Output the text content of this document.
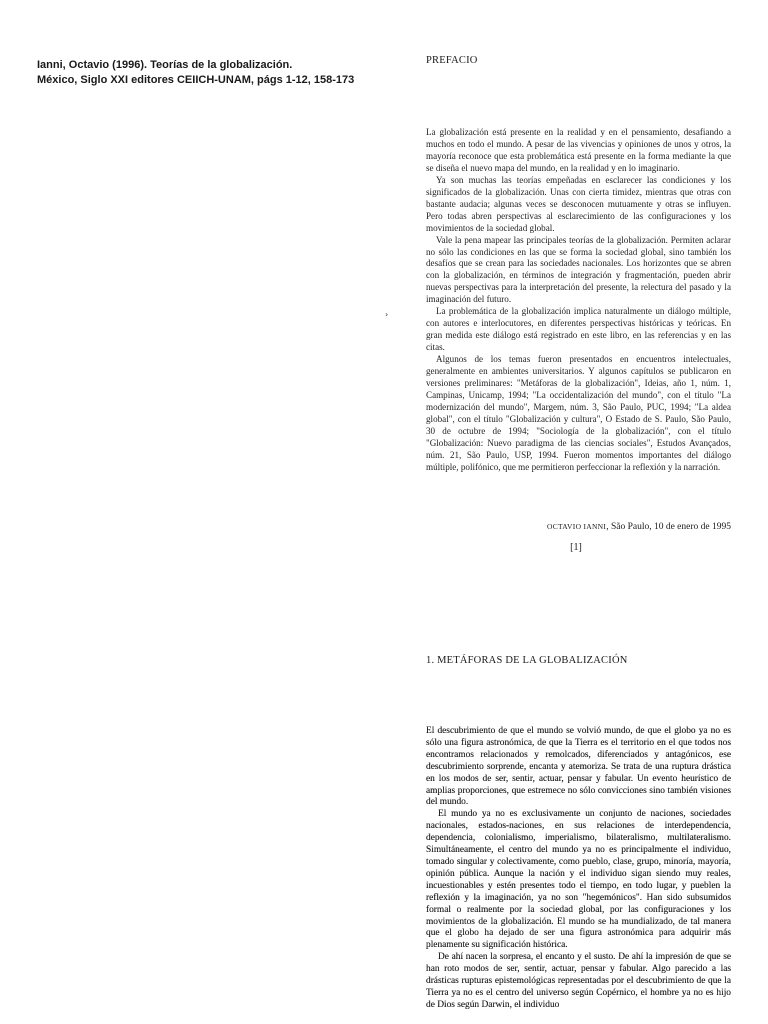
Ianni, Octavio (1996). Teorías de la globalización.
México, Siglo XXI editores CEIICH-UNAM, págs 1-12, 158-173
PREFACIO

La globalización está presente en la realidad y en el pensamiento, desafiando a muchos en todo el mundo. A pesar de las vivencias y opiniones de unos y otros, la mayoría reconoce que esta problemática está presente en la forma mediante la que se diseña el nuevo mapa del mundo, en la realidad y en lo imaginario.

Ya son muchas las teorías empeñadas en esclarecer las condiciones y los significados de la globalización. Unas con cierta timidez, mientras que otras con bastante audacia; algunas veces se desconocen mutuamente y otras se influyen. Pero todas abren perspectivas al esclarecimiento de las configuraciones y los movimientos de la sociedad global.

Vale la pena mapear las principales teorías de la globalización. Permiten aclarar no sólo las condiciones en las que se forma la sociedad global, sino también los desafíos que se crean para las sociedades nacionales. Los horizontes que se abren con la globalización, en términos de integración y fragmentación, pueden abrir nuevas perspectivas para la interpretación del presente, la relectura del pasado y la imaginación del futuro.

La problemática de la globalización implica naturalmente un diálogo múltiple, con autores e interlocutores, en diferentes perspectivas históricas y teóricas. En gran medida este diálogo está registrado en este libro, en las referencias y en las citas.

Algunos de los temas fueron presentados en encuentros intelectuales, generalmente en ambientes universitarios. Y algunos capítulos se publicaron en versiones preliminares: "Metáforas de la globalización", Ideias, año 1, núm. 1, Campinas, Unicamp, 1994; "La occidentalización del mundo", con el título "La modernización del mundo", Margem, núm. 3, São Paulo, PUC, 1994; "La aldea global", con el título "Globalización y cultura", O Estado de S. Paulo, São Paulo, 30 de octubre de 1994; "Sociología de la globalización", con el título "Globalización: Nuevo paradigma de las ciencias sociales", Estudos Avançados, núm. 21, São Paulo, USP, 1994. Fueron momentos importantes del diálogo múltiple, polifónico, que me permitieron perfeccionar la reflexión y la narración.

OCTAVIO IANNI, São Paulo, 10 de enero de 1995
[1]
›
1. METÁFORAS DE LA GLOBALIZACIÓN

El descubrimiento de que el mundo se volvió mundo, de que el globo ya no es sólo una figura astronómica, de que la Tierra es el territorio en el que todos nos encontramos relacionados y remolcados, diferenciados y antagónicos, ese descubrimiento sorprende, encanta y atemoriza. Se trata de una ruptura drástica en los modos de ser, sentir, actuar, pensar y fabular. Un evento heurístico de amplias proporciones, que estremece no sólo convicciones sino también visiones del mundo.

El mundo ya no es exclusivamente un conjunto de naciones, sociedades nacionales, estados-naciones, en sus relaciones de interdependencia, dependencia, colonialismo, imperialismo, bilateralismo, multilateralismo. Simultáneamente, el centro del mundo ya no es principalmente el individuo, tomado singular y colectivamente, como pueblo, clase, grupo, minoría, mayoría, opinión pública. Aunque la nación y el individuo sigan siendo muy reales, incuestionables y estén presentes todo el tiempo, en todo lugar, y pueblen la reflexión y la imaginación, ya no son "hegemónicos". Han sido subsumidos formal o realmente por la sociedad global, por las configuraciones y los movimientos de la globalización. El mundo se ha mundializado, de tal manera que el globo ha dejado de ser una figura astronómica para adquirir más plenamente su significación histórica.

De ahí nacen la sorpresa, el encanto y el susto. De ahí la impresión de que se han roto modos de ser, sentir, actuar, pensar y fabular. Algo parecido a las drásticas rupturas epistemológicas representadas por el descubrimiento de que la Tierra ya no es el centro del universo según Copérnico, el hombre ya no es hijo de Dios según Darwin, el individuo
